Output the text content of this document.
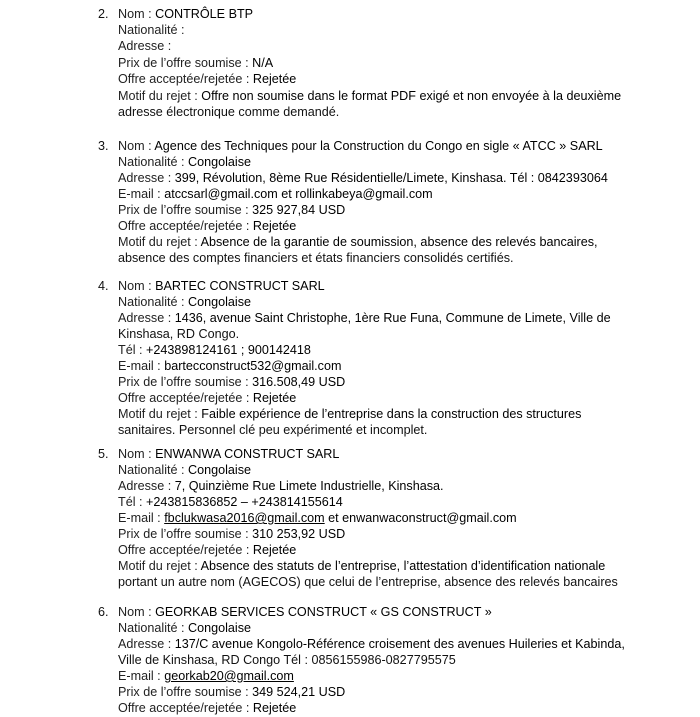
2. Nom : CONTRÔLE BTP
Nationalité :
Adresse :
Prix de l’offre soumise : N/A
Offre acceptée/rejetée : Rejetée
Motif du rejet : Offre non soumise dans le format PDF exigé et non envoyée à la deuxième
adresse électronique comme demandé.
3. Nom : Agence des Techniques pour la Construction du Congo en sigle « ATCC » SARL
Nationalité : Congolaise
Adresse : 399, Révolution, 8ème Rue Résidentielle/Limete, Kinshasa. Tél : 0842393064
E-mail : atccsarl@gmail.com et rollinkabeya@gmail.com
Prix de l’offre soumise : 325 927,84 USD
Offre acceptée/rejetée : Rejetée
Motif du rejet : Absence de la garantie de soumission, absence des relevés bancaires,
absence des comptes financiers et états financiers consolidés certifiés.
4. Nom : BARTEC CONSTRUCT SARL
Nationalité : Congolaise
Adresse : 1436, avenue Saint Christophe, 1ère Rue Funa, Commune de Limete, Ville de
Kinshasa, RD Congo.
Tél : +243898124161 ; 900142418
E-mail : bartecconstruct532@gmail.com
Prix de l’offre soumise : 316.508,49 USD
Offre acceptée/rejetée : Rejetée
Motif du rejet : Faible expérience de l’entreprise dans la construction des structures
sanitaires. Personnel clé peu expérimenté et incomplet.
5. Nom : ENWANWA CONSTRUCT SARL
Nationalité : Congolaise
Adresse : 7, Quinzième Rue Limete Industrielle, Kinshasa.
Tél : +243815836852 – +243814155614
E-mail : fbclukwasa2016@gmail.com et enwanwaconstruct@gmail.com
Prix de l’offre soumise : 310 253,92 USD
Offre acceptée/rejetée : Rejetée
Motif du rejet : Absence des statuts de l’entreprise, l’attestation d’identification nationale
portant un autre nom (AGECOS) que celui de l’entreprise, absence des relevés bancaires
6. Nom : GEORKAB SERVICES CONSTRUCT « GS CONSTRUCT »
Nationalité : Congolaise
Adresse : 137/C avenue Kongolo-Référence croisement des avenues Huileries et Kabinda,
Ville de Kinshasa, RD Congo Tél : 0856155986-0827795575
E-mail : georkab20@gmail.com
Prix de l’offre soumise : 349 524,21 USD
Offre acceptée/rejetée : Rejetée
